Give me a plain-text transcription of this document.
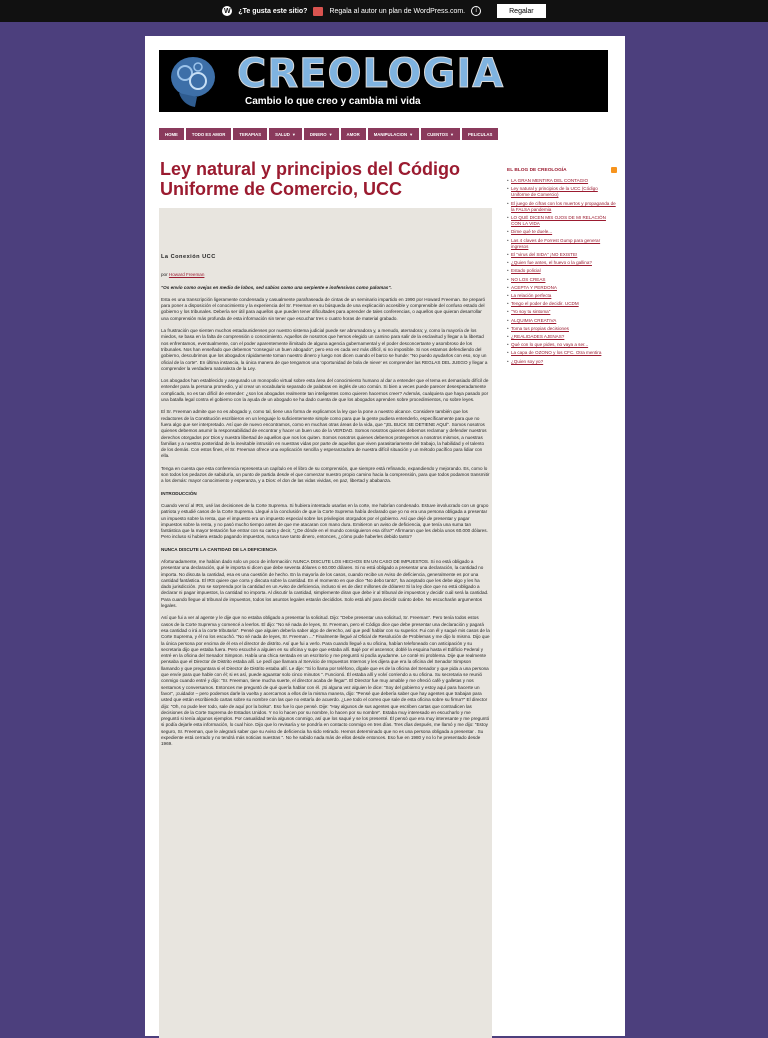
W ¿Te gusta este sitio?	Regala al autor un plan de WordPress.com.	i	Regalar
CREOLOGIA
Cambio lo que creo y cambia mi vida
HOME	TODO ES AMOR	TERAPIAS	SALUD ▼	DINERO ▼	AMOR	MANIPULACION ▼	CUENTOS ▼	PELICULAS
Ley natural y principios del Código Uniforme de Comercio, UCC
La Conexión UCC

por Howard Freeman

"Os envío como ovejas en medio de lobos, sed sabios como una serpiente e inofensivos como palomas".

Esta es una transcripción ligeramente condensada y casualmente parafraseada de cintas de un seminario impartido en 1990 por Howard Freeman. Se preparó para poner a disposición el conocimiento y la experiencia del Sr. Freeman en su búsqueda de una explicación accesible y comprensible del confuso estado del gobierno y los tribunales. Debería ser útil para aquellos que pueden tener dificultades para aprender de tales conferencias, o aquellos que quieran desarrollar una comprensión más profunda de esta información sin tener que escuchar tres o cuatro horas de material grabado.

La frustración que sienten muchos estadounidenses por nuestro sistema judicial puede ser abrumadora y, a menudo, aterradora; y, como la mayoría de los miedos, se basa en la falta de comprensión o conocimiento. Aquellos de nosotros que hemos elegido un camino para salir de la esclavitud y llegar a la libertad nos enfrentamos, eventualmente, con el poder aparentemente ilimitado de alguna agencia gubernamental y el poder desconcertante y asombroso de los tribunales. Nos han enseñado que debemos "conseguir un buen abogado", pero eso es cada vez más difícil, si no imposible. Si nos estamos defendiendo del gobierno, descubrimos que los abogados rápidamente toman nuestro dinero y luego nos dicen cuando el barco se hunde: "No puedo ayudarlos con eso, soy un oficial de la corte". En última instancia, la única manera de que tengamos una 'oportunidad de bola de nieve' es comprender las REGLAS DEL JUEGO y llegar a comprender la verdadera naturaleza de la Ley.

Los abogados han establecido y asegurado un monopolio virtual sobre esta área del conocimiento humano al dar a entender que el tema es demasiado difícil de entender para la persona promedio, y al crear un vocabulario separado de palabras en inglés de uso común. Si bien a veces puede parecer desesperadamente complicado, no es tan difícil de entender: ¿son los abogados realmente tan inteligentes como quieren hacernos creer? Además, cualquiera que haya pasado por una batalla legal contra el gobierno con la ayuda de un abogado se ha dado cuenta de que los abogados aprenden sobre procedimientos, no sobre leyes.

El Sr. Freeman admite que no es abogado y, como tal, tiene una forma de explicarnos la ley que la pone a nuestro alcance. Considere también que los redactores de la Constitución escribieron en un lenguaje lo suficientemente simple como para que la gente pudiera entenderlo, específicamente para que no fuera algo que ser interpretado. Así que de nuevo encontramos, como en muchas otras áreas de la vida, que "¡EL BUCK SE DETIENE AQUÍ". Somos nosotros quienes debemos asumir la responsabilidad de encontrar y hacer un buen uso de la VERDAD. Somos nosotros quienes debemos reclamar y defender nuestros derechos otorgados por Dios y nuestra libertad de aquellos que nos los quiten. Somos nosotros quienes debemos protegernos a nosotros mismos, a nuestras familias y a nuestra posteridad de la inevitable intrusión en nuestras vidas por parte de aquellos que viven parasitariamente del trabajo, la habilidad y el talento de los demás. Con estos fines, el Sr. Freeman ofrece una explicación sencilla y esperanzadora de nuestra difícil situación y un método pacífico para lidiar con ella.

Tenga en cuenta que esta conferencia representa un capítulo en el libro de su comprensión, que siempre está refinando, expandiendo y mejorando. Es, como lo son todos los pedazos de sabiduría, un punto de partida desde el que comenzar nuestro propio camino hacia la comprensión, para que todos podamos transmitir a los demás: mayor conocimiento y esperanza, y a Dios: el don de las vidas vividas, en paz, libertad y ababanza.

INTRODUCCIÓN

Cuando vencí al IRS, usé las decisiones de la Corte Suprema. Si hubiera intentado usarlas en la corte, me habrían condenado. Estuve involucrado con un grupo patriota y estudié casos de la Corte Suprema. Llegué a la conclusión de que la Corte Suprema había declarado que yo no era una persona obligada a presentar un impuesto sobre la renta, que el impuesto era un impuesto especial sobre los privilegios otorgados por el gobierno. Así que dejé de presentar y pagar impuestos sobre la renta, y no pasó mucho tiempo antes de que me atacaran con mano dura. Emitieron un aviso de deficiencia, que tenía una suma tan fantástica que la mayor tentación fue entrar con su carta y decir, "¿De dónde en el mundo consiguieron esa cifra?" Afirmaron que les debía unos 60.000 dólares. Pero incluso si hubiera estado pagando impuestos, nunca tuve tanto dinero, entonces, ¿cómo pude haberles debido tanto?

NUNCA DISCUTE LA CANTIDAD DE LA DEFICIENCIA

Afortunadamente, me habían dado solo un poco de información: NUNCA DISCUTE LOS HECHOS EN UN CASO DE IMPUESTOS. Si no está obligado a presentar una declaración, qué le importa si dicen que debe seventa dólares o 60.000 dólares. Si no está obligado a presentar una declaración, la cantidad no importa. No discuta la cantidad, esa es una cuestión de hecho. En la mayoría de los casos, cuando recibe un Aviso de deficiencia, generalmente es por una cantidad fantástica. El IRS quiere que corra y discuta sobre la cantidad. En el momento en que dice "No debo tanto", ha aceptado que les debe algo y les ha dado jurisdicción. ¡No se sorprenda por la cantidad en un Aviso de deficiencia, incluso si es de diez millones de dólares! Si la ley dice que no está obligado a declarar ni pagar impuestos, la cantidad no importa. Al discutir la cantidad, simplemente diran que debe ir al tribunal de impuestos y decidir cuál será la cantidad. Para cuando llegue al tribunal de impuestos, todos los asuntos legales estarán decididos. Solo está ahí para decidir cuánto debe. No escucharán argumentos legales.

Así que fui a ver al agente y le dije que no estaba obligado a presentar la solicitud. Dijo: "Debe presentar una solicitud, Sr. Freeman". Pero tenía todos estos casos de la Corte Suprema y comencé a leerlos. El dijo: "No sé nada de leyes, Sr. Freeman, pero el Código dice que debe presentar una declaración y pagará esa cantidad o irá a la corte tributaria". Pensé que alguien debería saber algo de derecho, así que pedí hablar con su superior. Fui con él y saqué mis casos de la Corte Suprema, y él no los escuchó. "No sé nada de leyes, Sr. Freeman ..." Finalmente llegué al Oficial de Resolución de Problemas y me dijo lo mismo. Dijo que la única persona por encima de él era el director de distrito. Así que fui a verlo. Para cuando llegué a su oficina, habían telefoneado con anticipación y su secretaria dijo que estaba fuera. Pero escuché a alguien en su oficina y supe que estaba allí. Bajé por el ascensor, doblé la esquina hasta el Edificio Federal y entré en la oficina del Senador Simpson. Había una chica sentada en un escritorio y me preguntó si podía ayudarme. Le conté mi problema. Dije que realmente pensaba que el Director de Distrito estaba allí. Le pedí que llamara al Servicio de Impuestos Internos y les dijera que era la oficina del Senador Simpson llamando y que preguntara si el Director de Distrito estaba allí. Le dije: "Si lo llama por teléfono, dígale que es de la oficina del Senador y que pida a una persona que envíe para que hable con él; si es así, puede aguantar solo cinco minutos ". Funcionó. Él estaba allí y volví corriendo a su oficina. Su secretaria se reunió conmigo cuando entré y dijo: "Sr. Freeman, tiene mucha suerte, el director acaba de llegar". El Director fue muy amable y me ofreció café y galletas y nos sentamos y conversamos. Entonces me preguntó de qué quería hablar con él. ¡Si alguna vez alguien le dice: "Soy del gobierno y estoy aquí para hacerte un favor", ¡cuidado! – pero podemos darle la vuelta y acercarnos a ellos de la misma manera, dijo: "Pensé que debería saber que hay agentes que trabajan para usted que están escribiendo cartas sobre su nombre con las que no estaría de acuerdo. ¿Lee todo el correo que sale de esta oficina sobre su firma?" El director dijo: "Oh, no pude leer todo, sale de aquí por la bolsa". Eso fue lo que pensé. Dije: "Hay algunos de sus agentes que escriben cartas que contradicen las decisiones de la Corte Suprema de Estados Unidos. Y no lo hacen por su nombre, lo hacen por su nombre". Estaba muy interesado en escucharlo y me preguntó si tenía algunos ejemplos. Por casualidad tenía algunos conmigo, así que los saqué y se los presenté. Él pensó que era muy interesante y me preguntó si podía dejarle esta información, lo cual hice. Dijo que lo revisaría y se pondría en contacto conmigo en tres días. Tres días después, me llamó y me dijo: "Estoy seguro, Sr. Freeman, que le alegrará saber que su Aviso de deficiencia ha sido retirado. Hemos determinado que no es una persona obligada a presentar . Su expediente está cerrado y no tendrá más noticias nuestras ". No he sabido nada más de ellos desde entonces. Eso fue en 1980 y no lo he presentado desde 1969.

EL BLOG DE CREOLOGÍA
• LA GRAN MENTIRA DEL CONTAGIO
• Ley natural y principios de la UCC (Código Uniforme de Comercio)
• El juego de cifras con los muertos y propaganda de la FALSA pandemia
• LO QUÉ DICEN MIS OJOS DE MI RELACIÓN CON LA VIDA
• Dime qué te duele...
• Las 4 claves de Forrest Gump para generar ingresos
• El "virus del SIDA" ¡NO EXISTE!
• ¿Quien fue antes, el huevo o la gallina?
• Estado policial
• NO LOS CREAS
• ACEPTA Y PERDONA
• La relación perfecta
• Tengo el poder de decidir. UCDM
• "Yo soy tu sintoma"
• ALQUIMIA CREATIVA
• Toma tus propias decisiones
• ¿REALIDADES AJENAS?
• Qué con lo que pides, no vaya a ser...
• La capa de OZONO y los CFC. Otra mentira
• ¿Quien soy yo?
